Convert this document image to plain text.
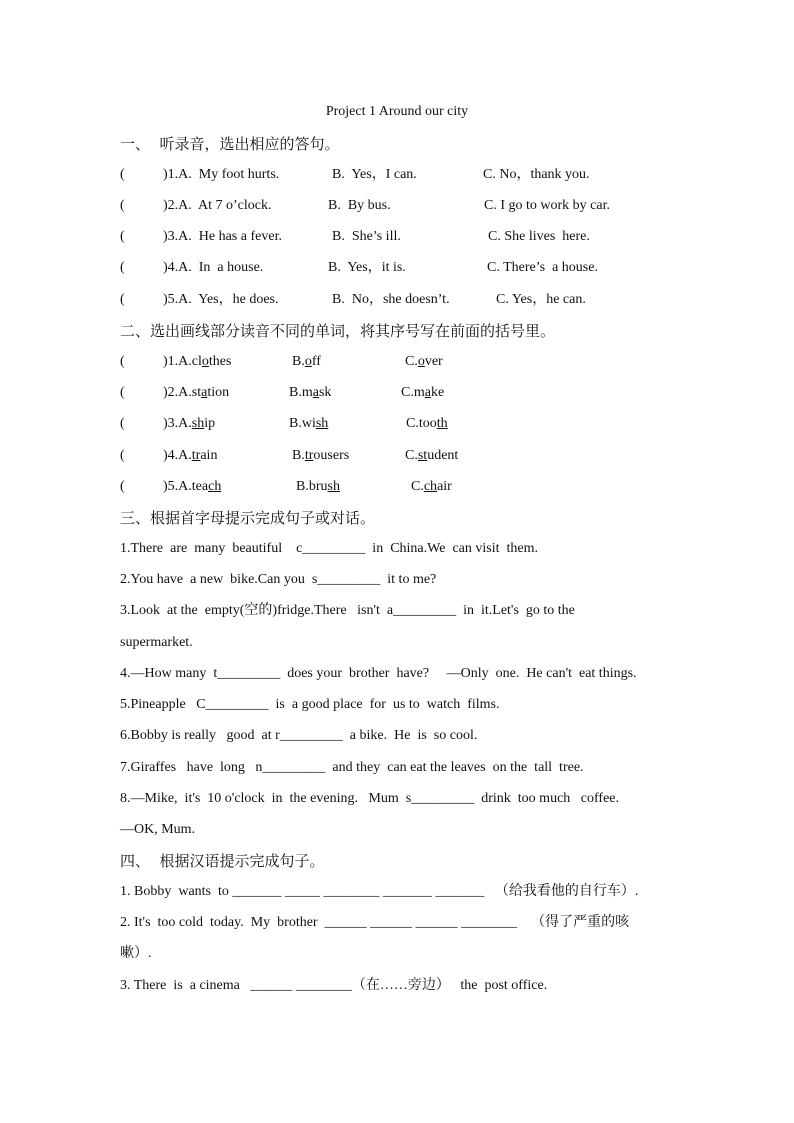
Project 1 Around our city
一、  听录音，选出相应的答句。
(	)1.A.  My foot hurts.	B.  Yes，I can.	C. No，thank you.
(	)2.A.  At 7 o’clock.	B.  By bus.	C. I go to work by car.
(	)3.A.  He has a fever.	B.  She’s ill.	C. She lives  here.
(	)4.A.  In  a house.	B.  Yes，it is.	C. There’s  a house.
(	)5.A.  Yes，he does.	B.  No，she doesn’t.	C. Yes，he can.
二、选出画线部分读音不同的单词，将其序号写在前面的括号里。
(	)1.A.clothes	B.off	C.over
(	)2.A.station	B.mask	C.make
(	)3.A.ship	B.wish	C.tooth
(	)4.A.train	B.trousers	C.student
(	)5.A.teach	B.brush	C.chair
三、根据首字母提示完成句子或对话。
1.There  are  many  beautiful    c_________  in  China.We  can visit  them.
2.You have  a new  bike.Can you  s_________  it to me?
3.Look  at the  empty(空的)fridge.There   isn't  a_________  in  it.Let's  go to the
supermarket.
4.—How many  t_________  does your  brother  have?     —Only  one.  He can't  eat things.
5.Pineapple   C_________  is  a good place  for  us to  watch  films.
6.Bobby is really   good  at r_________  a bike.  He  is  so cool.
7.Giraffes   have  long   n_________  and they  can eat the leaves  on the  tall  tree.
8.—Mike,  it's  10 o'clock  in  the evening.   Mum  s_________  drink  too much   coffee.
—OK, Mum.
四、  根据汉语提示完成句子。
1. Bobby  wants  to _______ _____ ________ _______ _______   （给我看他的自行车）.
2. It's  too cold  today.  My  brother  ______ ______ ______ ________    （得了严重的咳
嗽）.
3. There  is  a cinema   ______ ________（在……旁边）   the  post office.
